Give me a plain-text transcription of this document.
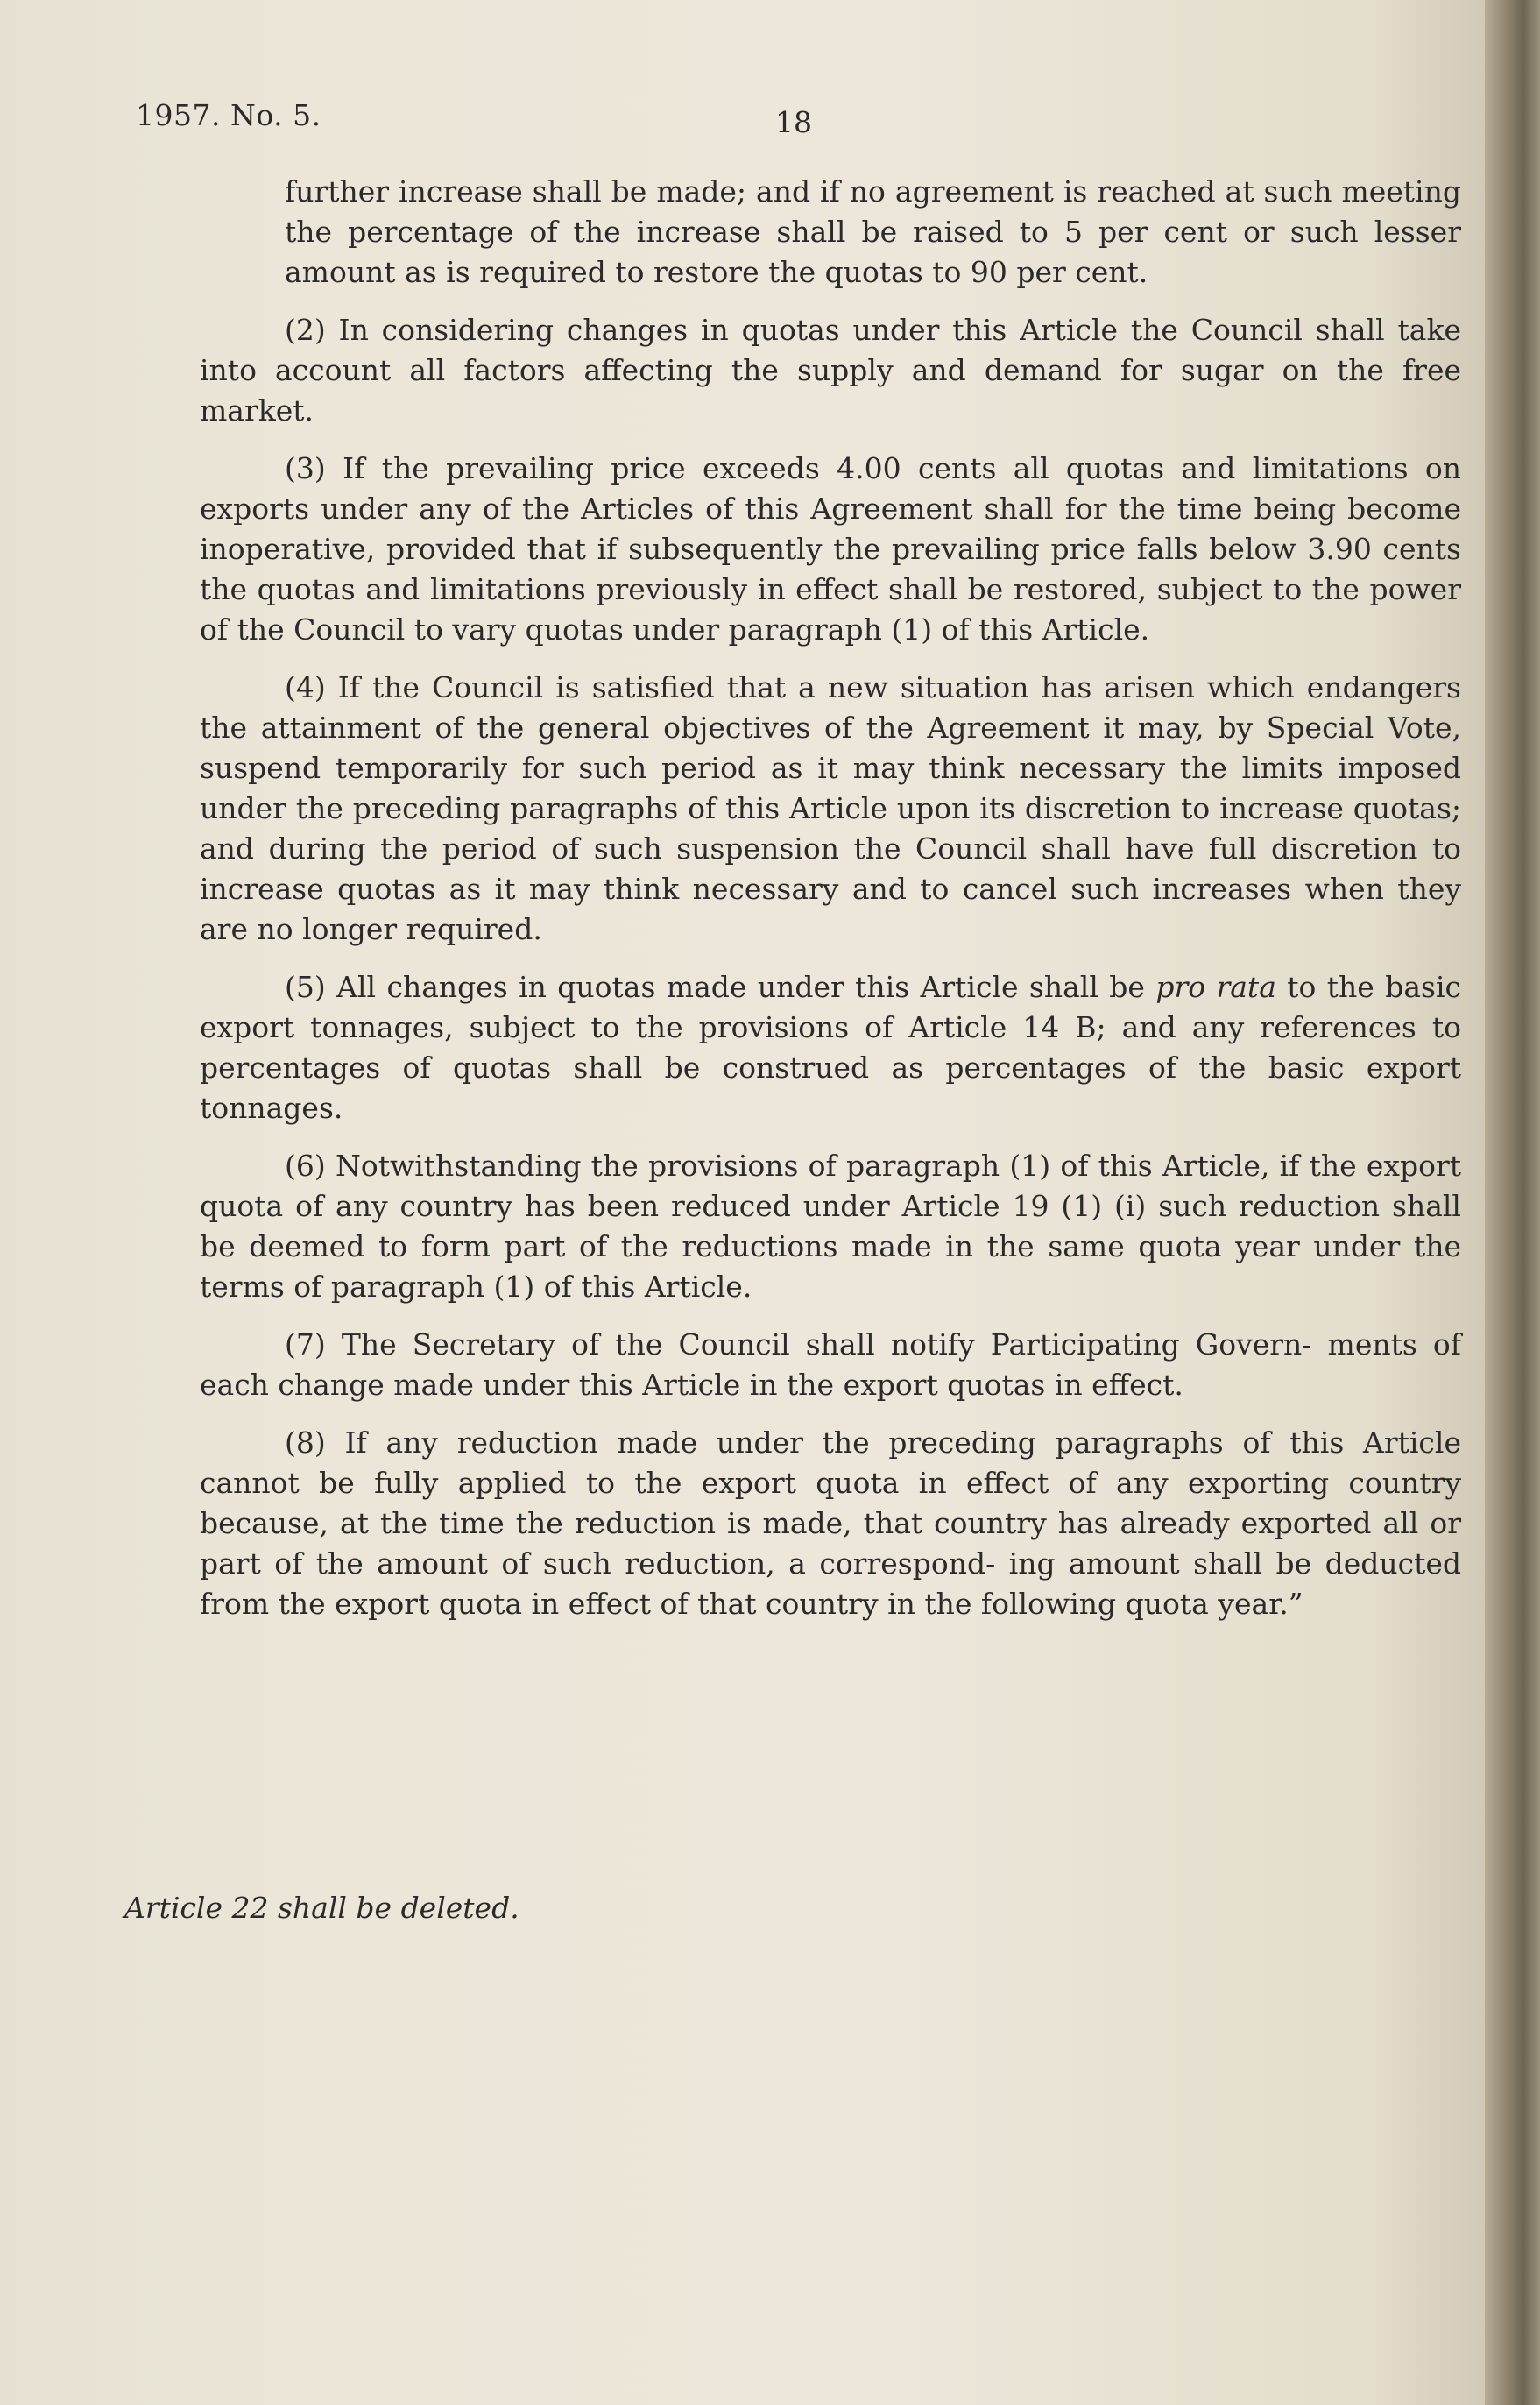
1957. No. 5.	18

further increase shall be made; and if no agreement is reached at such meeting the percentage of the increase shall be raised to 5 per cent or such lesser amount as is required to restore the quotas to 90 per cent.

(2) In considering changes in quotas under this Article the Council shall take into account all factors affecting the supply and demand for sugar on the free market.

(3) If the prevailing price exceeds 4.00 cents all quotas and limitations on exports under any of the Articles of this Agreement shall for the time being become inoperative, provided that if subsequently the prevailing price falls below 3.90 cents the quotas and limitations previously in effect shall be restored, subject to the power of the Council to vary quotas under paragraph (1) of this Article.

(4) If the Council is satisfied that a new situation has arisen which endangers the attainment of the general objectives of the Agreement it may, by Special Vote, suspend temporarily for such period as it may think necessary the limits imposed under the preceding paragraphs of this Article upon its discretion to increase quotas; and during the period of such suspension the Council shall have full discretion to increase quotas as it may think necessary and to cancel such increases when they are no longer required.

(5) All changes in quotas made under this Article shall be pro rata to the basic export tonnages, subject to the provisions of Article 14 B; and any references to percentages of quotas shall be construed as percentages of the basic export tonnages.

(6) Notwithstanding the provisions of paragraph (1) of this Article, if the export quota of any country has been reduced under Article 19 (1) (i) such reduction shall be deemed to form part of the reductions made in the same quota year under the terms of paragraph (1) of this Article.

(7) The Secretary of the Council shall notify Participating Govern- ments of each change made under this Article in the export quotas in effect.

(8) If any reduction made under the preceding paragraphs of this Article cannot be fully applied to the export quota in effect of any exporting country because, at the time the reduction is made, that country has already exported all or part of the amount of such reduction, a correspond- ing amount shall be deducted from the export quota in effect of that country in the following quota year.”

Article 22 shall be deleted.
